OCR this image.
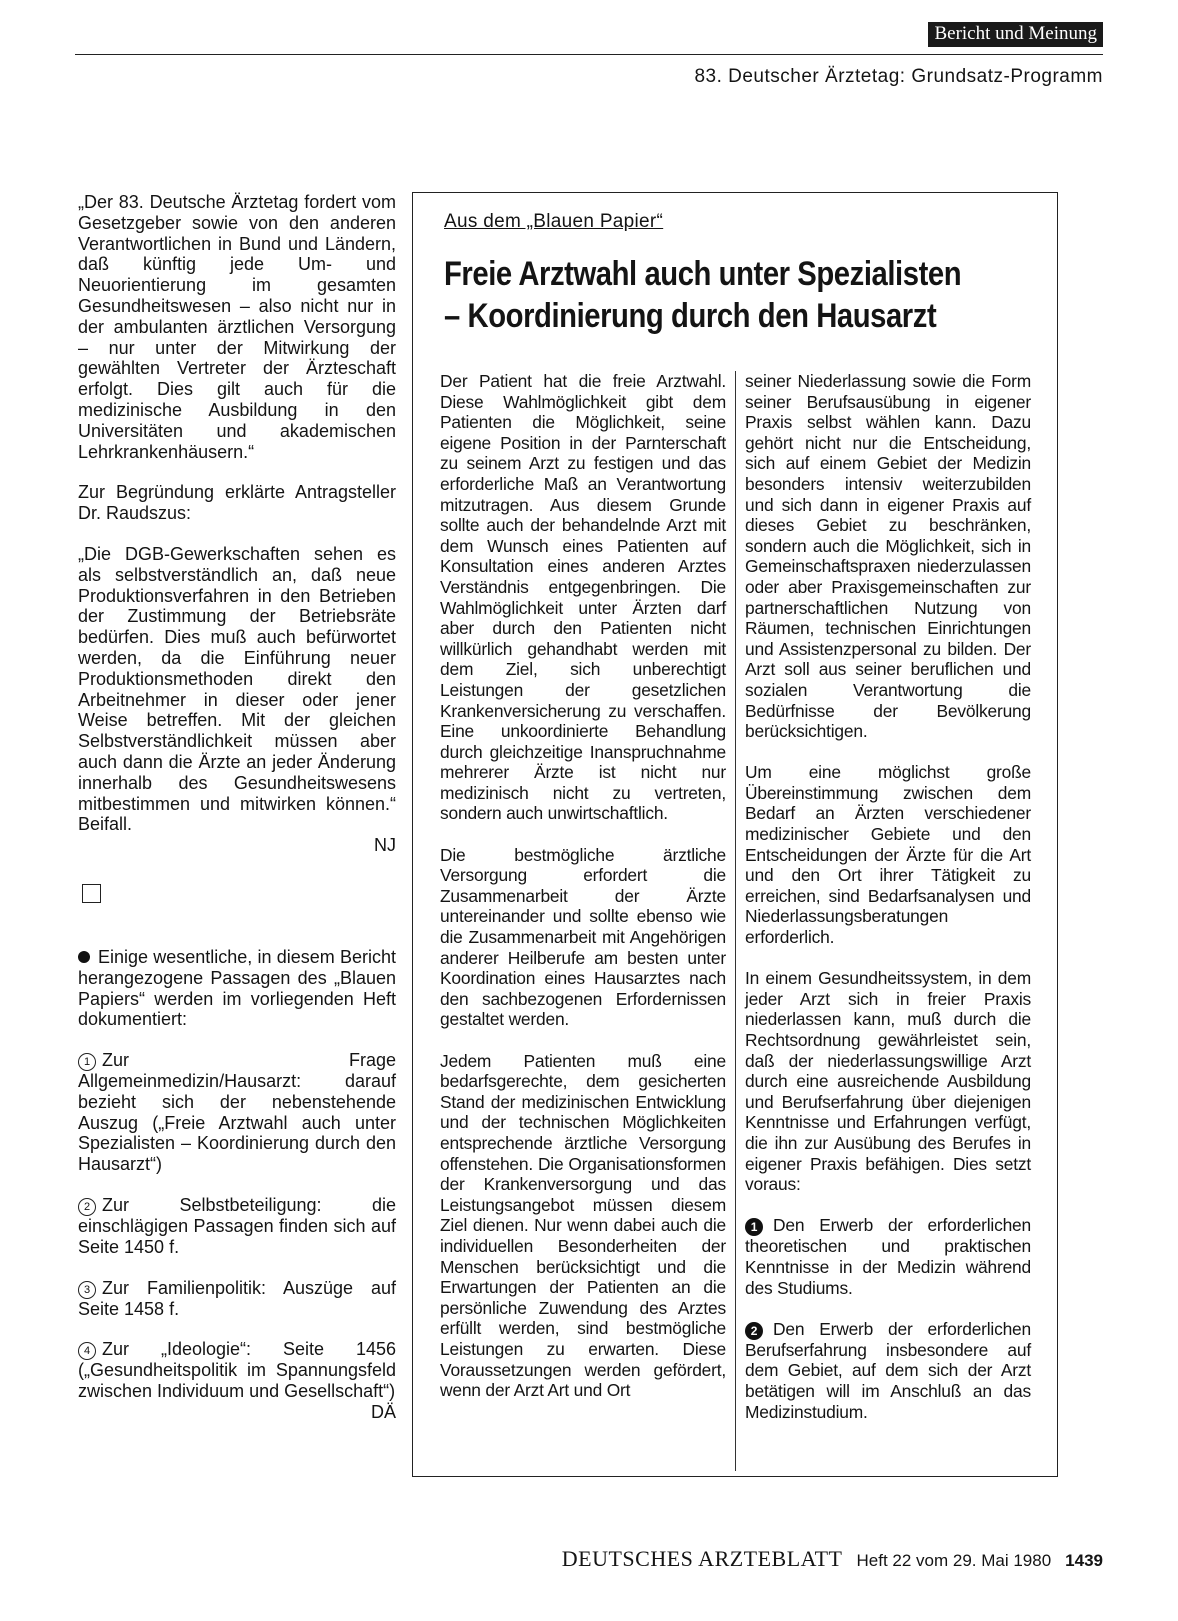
Bericht und Meinung
83. Deutscher Ärztetag: Grundsatz-Programm

„Der 83. Deutsche Ärztetag fordert vom Gesetzgeber sowie von den anderen Verantwortlichen in Bund und Ländern, daß künftig jede Um- und Neuorientierung im gesamten Gesundheitswesen – also nicht nur in der ambulanten ärztlichen Versorgung – nur unter der Mitwirkung der gewählten Vertreter der Ärzteschaft erfolgt. Dies gilt auch für die medizinische Ausbildung in den Universitäten und akademischen Lehrkrankenhäusern.“

Zur Begründung erklärte Antragsteller Dr. Raudszus:

„Die DGB-Gewerkschaften sehen es als selbstverständlich an, daß neue Produktionsverfahren in den Betrieben der Zustimmung der Betriebsräte bedürfen. Dies muß auch befürwortet werden, da die Einführung neuer Produktionsmethoden direkt den Arbeitnehmer in dieser oder jener Weise betreffen. Mit der gleichen Selbstverständlichkeit müssen aber auch dann die Ärzte an jeder Änderung innerhalb des Gesundheitswesens mitbestimmen und mitwirken können.“ Beifall.

NJ

Einige wesentliche, in diesem Bericht herangezogene Passagen des „Blauen Papiers“ werden im vorliegenden Heft dokumentiert:

1 Zur Frage Allgemeinmedizin/Hausarzt: darauf bezieht sich der nebenstehende Auszug („Freie Arztwahl auch unter Spezialisten – Koordinierung durch den Hausarzt“)

2 Zur Selbstbeteiligung: die einschlägigen Passagen finden sich auf Seite 1450 f.

3 Zur Familienpolitik: Auszüge auf Seite 1458 f.

4 Zur „Ideologie“: Seite 1456 („Gesundheitspolitik im Spannungsfeld zwischen Individuum und Gesellschaft“)

DÄ
Aus dem „Blauen Papier“
Freie Arztwahl auch unter Spezialisten
– Koordinierung durch den Hausarzt

Der Patient hat die freie Arztwahl. Diese Wahlmöglichkeit gibt dem Patienten die Möglichkeit, seine eigene Position in der Parnterschaft zu seinem Arzt zu festigen und das erforderliche Maß an Verantwortung mitzutragen. Aus diesem Grunde sollte auch der behandelnde Arzt mit dem Wunsch eines Patienten auf Konsultation eines anderen Arztes Verständnis entgegenbringen. Die Wahlmöglichkeit unter Ärzten darf aber durch den Patienten nicht willkürlich gehandhabt werden mit dem Ziel, sich unberechtigt Leistungen der gesetzlichen Krankenversicherung zu verschaffen. Eine unkoordinierte Behandlung durch gleichzeitige Inanspruchnahme mehrerer Ärzte ist nicht nur medizinisch nicht zu vertreten, sondern auch unwirtschaftlich.

Die bestmögliche ärztliche Versorgung erfordert die Zusammenarbeit der Ärzte untereinander und sollte ebenso wie die Zusammenarbeit mit Angehörigen anderer Heilberufe am besten unter Koordination eines Hausarztes nach den sachbezogenen Erfordernissen gestaltet werden.

Jedem Patienten muß eine bedarfsgerechte, dem gesicherten Stand der medizinischen Entwicklung und der technischen Möglichkeiten entsprechende ärztliche Versorgung offenstehen. Die Organisationsformen der Krankenversorgung und das Leistungsangebot müssen diesem Ziel dienen. Nur wenn dabei auch die individuellen Besonderheiten der Menschen berücksichtigt und die Erwartungen der Patienten an die persönliche Zuwendung des Arztes erfüllt werden, sind bestmögliche Leistungen zu erwarten. Diese Voraussetzungen werden gefördert, wenn der Arzt Art und Ort

seiner Niederlassung sowie die Form seiner Berufsausübung in eigener Praxis selbst wählen kann. Dazu gehört nicht nur die Entscheidung, sich auf einem Gebiet der Medizin besonders intensiv weiterzubilden und sich dann in eigener Praxis auf dieses Gebiet zu beschränken, sondern auch die Möglichkeit, sich in Gemeinschaftspraxen niederzulassen oder aber Praxisgemeinschaften zur partnerschaftlichen Nutzung von Räumen, technischen Einrichtungen und Assistenzpersonal zu bilden. Der Arzt soll aus seiner beruflichen und sozialen Verantwortung die Bedürfnisse der Bevölkerung berücksichtigen.

Um eine möglichst große Übereinstimmung zwischen dem Bedarf an Ärzten verschiedener medizinischer Gebiete und den Entscheidungen der Ärzte für die Art und den Ort ihrer Tätigkeit zu erreichen, sind Bedarfsanalysen und Niederlassungsberatungen erforderlich.

In einem Gesundheitssystem, in dem jeder Arzt sich in freier Praxis niederlassen kann, muß durch die Rechtsordnung gewährleistet sein, daß der niederlassungswillige Arzt durch eine ausreichende Ausbildung und Berufserfahrung über diejenigen Kenntnisse und Erfahrungen verfügt, die ihn zur Ausübung des Berufes in eigener Praxis befähigen. Dies setzt voraus:

1 Den Erwerb der erforderlichen theoretischen und praktischen Kenntnisse in der Medizin während des Studiums.

2 Den Erwerb der erforderlichen Berufserfahrung insbesondere auf dem Gebiet, auf dem sich der Arzt betätigen will im Anschluß an das Medizinstudium.

DEUTSCHES ARZTEBLATT Heft 22 vom 29. Mai 1980 1439
